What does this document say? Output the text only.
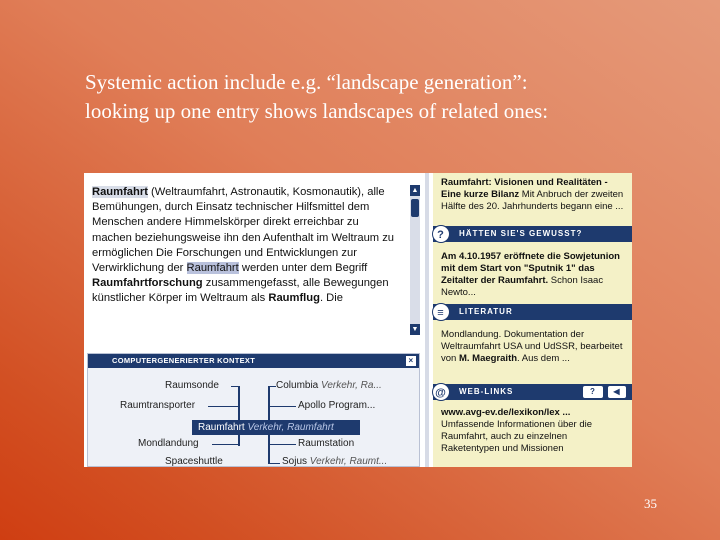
Systemic action include e.g. “landscape generation”:
looking up one entry shows landscapes of related ones:
Raumfahrt (Weltraumfahrt, Astronautik, Kosmonautik), alle Bemühungen, durch Einsatz technischer Hilfsmittel dem Menschen andere Himmelskörper direkt erreichbar zu machen beziehungsweise ihn den Aufenthalt im Weltraum zu ermöglichen Die Forschungen und Entwicklungen zur Verwirklichung der Raumfahrt werden unter dem Begriff Raumfahrtforschung zusammengefasst, alle Bewegungen künstlicher Körper im Weltraum als Raumflug. Die
▲
▼
COMPUTERGENERIERTER KONTEXT	×
Raumsonde
Raumtransporter
Mondlandung
Spaceshuttle
Columbia Verkehr, Ra...
Apollo Program...
Raumstation
Sojus Verkehr, Raumt...
Raumfahrt Verkehr, Raumfahrt
Raumfahrt: Visionen und Realitäten - Eine kurze Bilanz Mit Anbruch der zweiten Hälfte des 20. Jahrhunderts begann eine ...
?	HÄTTEN SIE'S GEWUSST?
Am 4.10.1957 eröffnete die Sowjetunion mit dem Start von "Sputnik 1" das Zeitalter der Raumfahrt. Schon Isaac Newto...
≡	LITERATUR
Mondlandung. Dokumentation der Weltraumfahrt USA und UdSSR, bearbeitet von M. Maegraith. Aus dem ...
@	WEB-LINKS	?	◀
www.avg-ev.de/lexikon/lex ... Umfassende Informationen über die Raumfahrt, auch zu einzelnen Raketentypen und Missionen
35
